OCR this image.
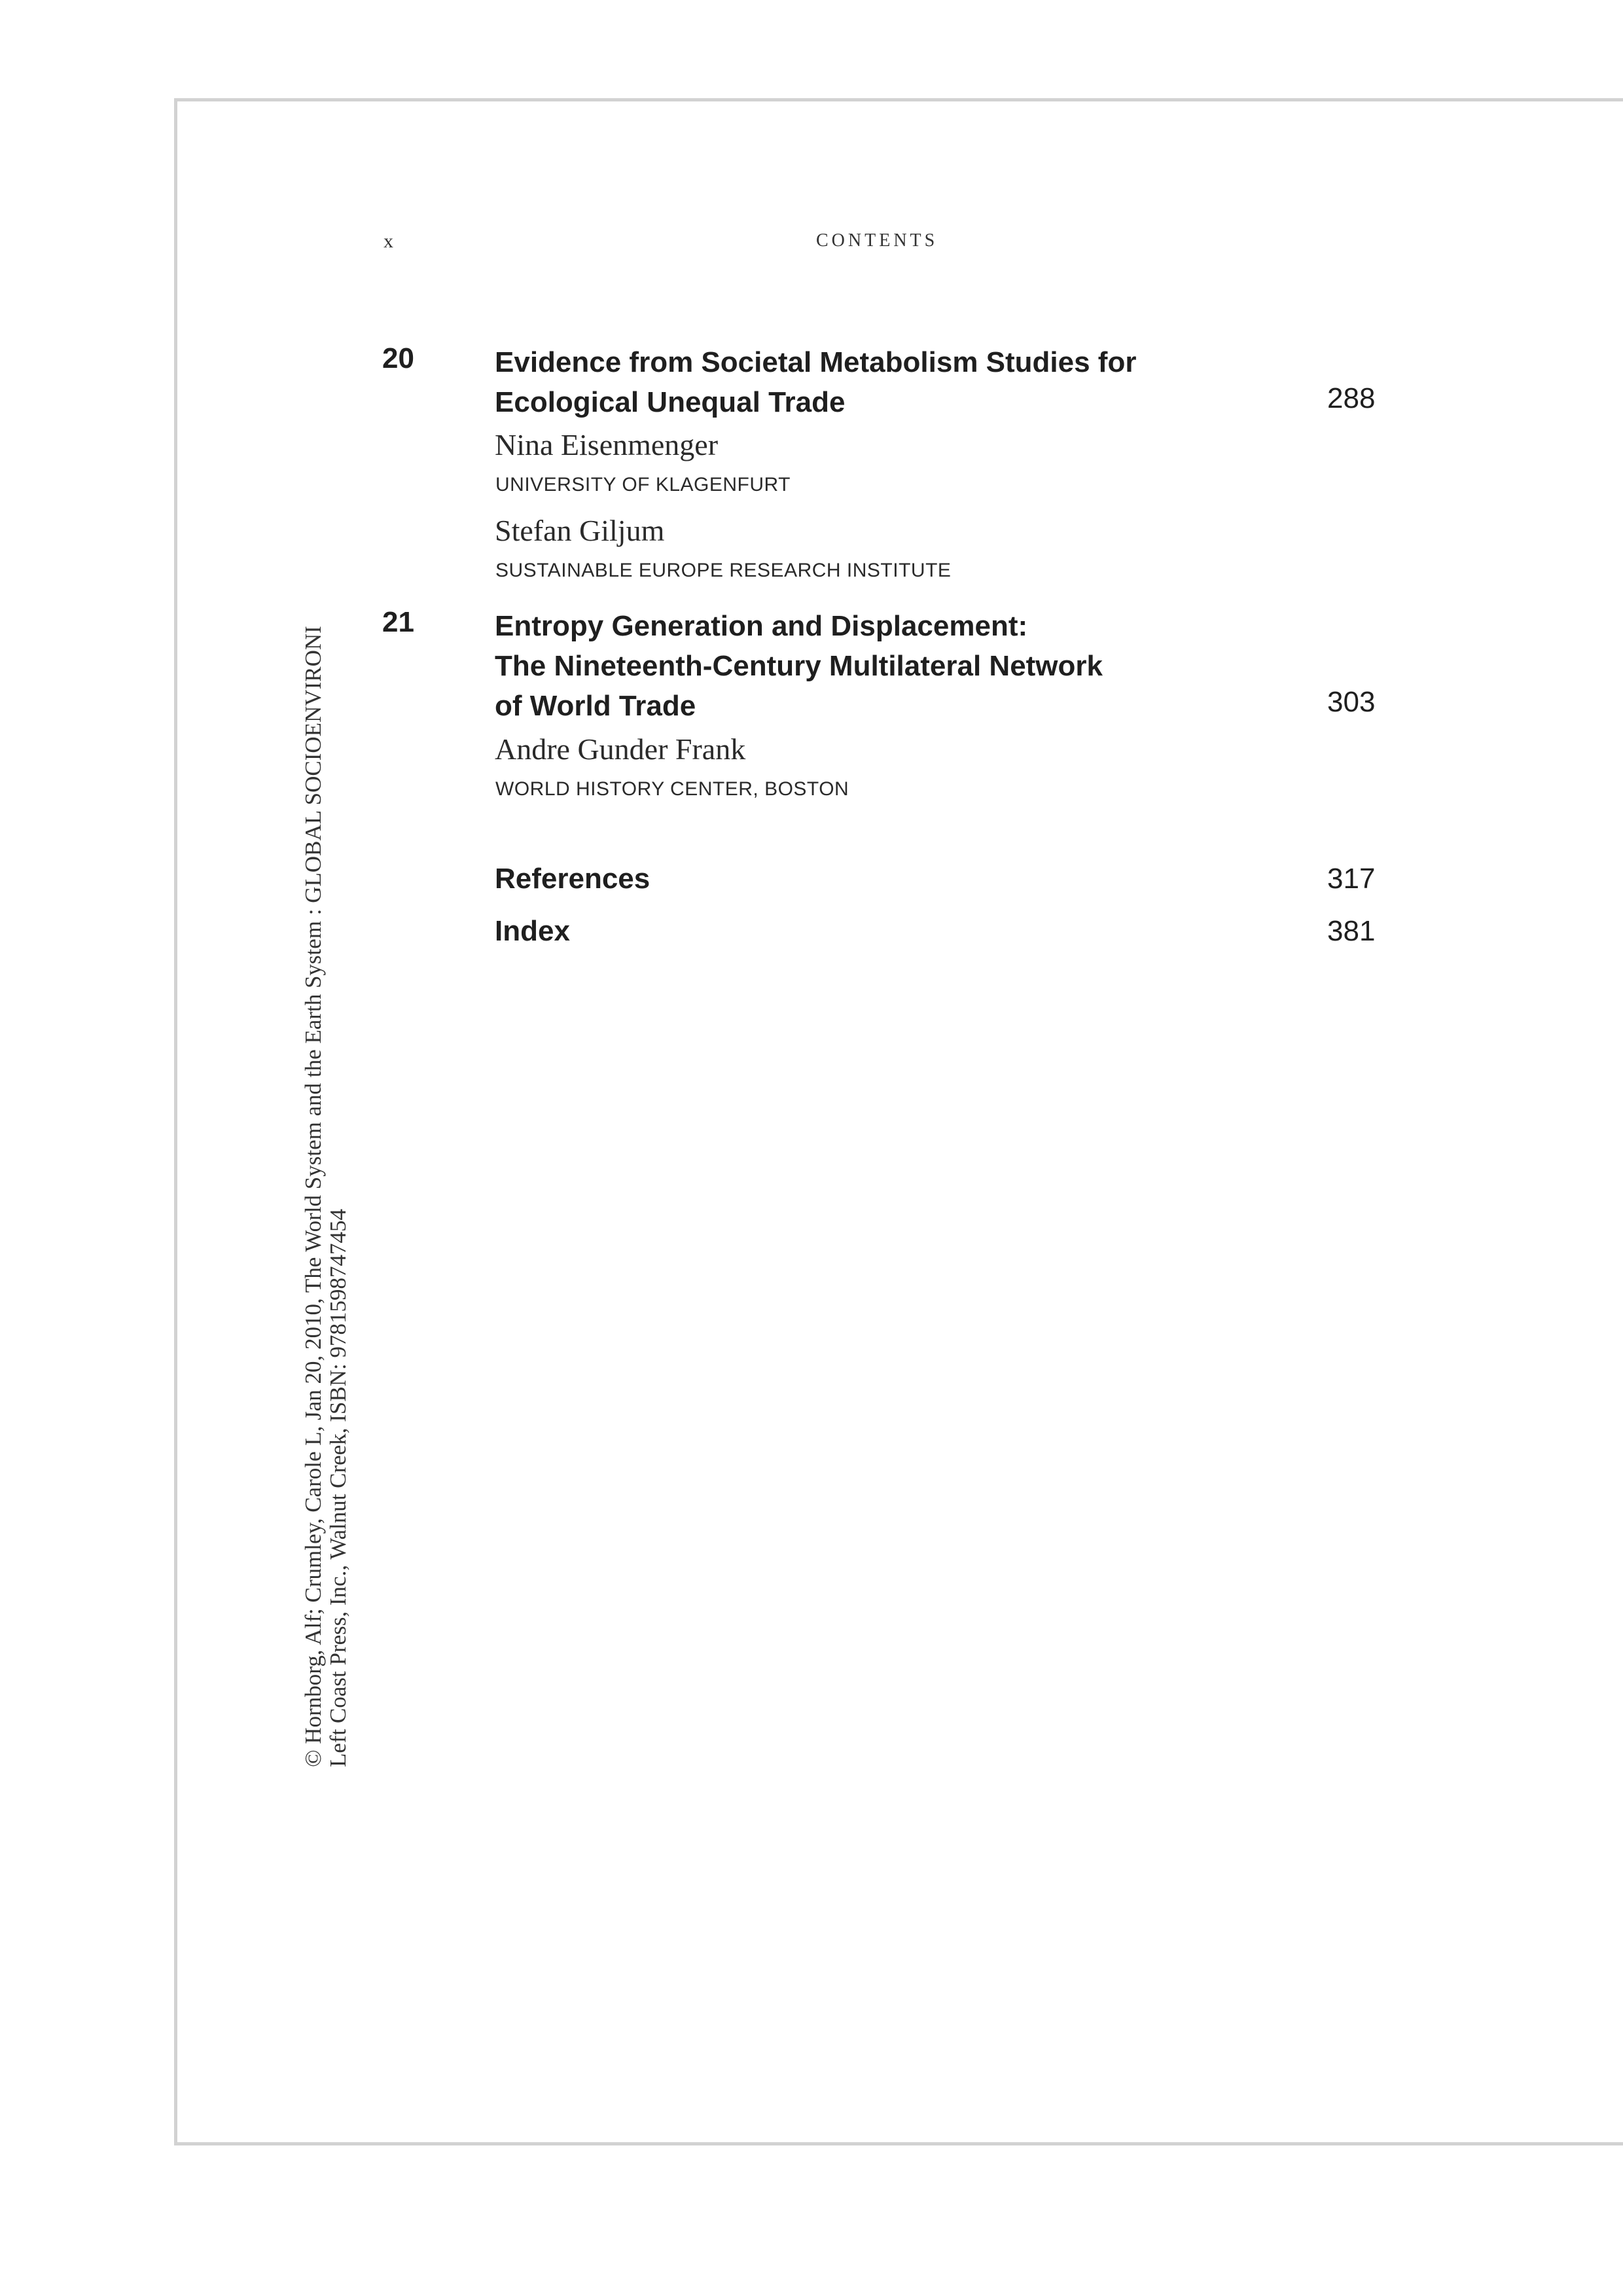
x	CONTENTS
20	Evidence from Societal Metabolism Studies for
Ecological Unequal Trade	288
Nina Eisenmenger
UNIVERSITY OF KLAGENFURT
Stefan Giljum
SUSTAINABLE EUROPE RESEARCH INSTITUTE
21	Entropy Generation and Displacement:
The Nineteenth-Century Multilateral Network
of World Trade	303
Andre Gunder Frank
WORLD HISTORY CENTER, BOSTON
References	317
Index	381
© Hornborg, Alf; Crumley, Carole L, Jan 20, 2010, The World System and the Earth System : GLOBAL SOCIOENVIRONI Left Coast Press, Inc., Walnut Creek, ISBN: 9781598747454
